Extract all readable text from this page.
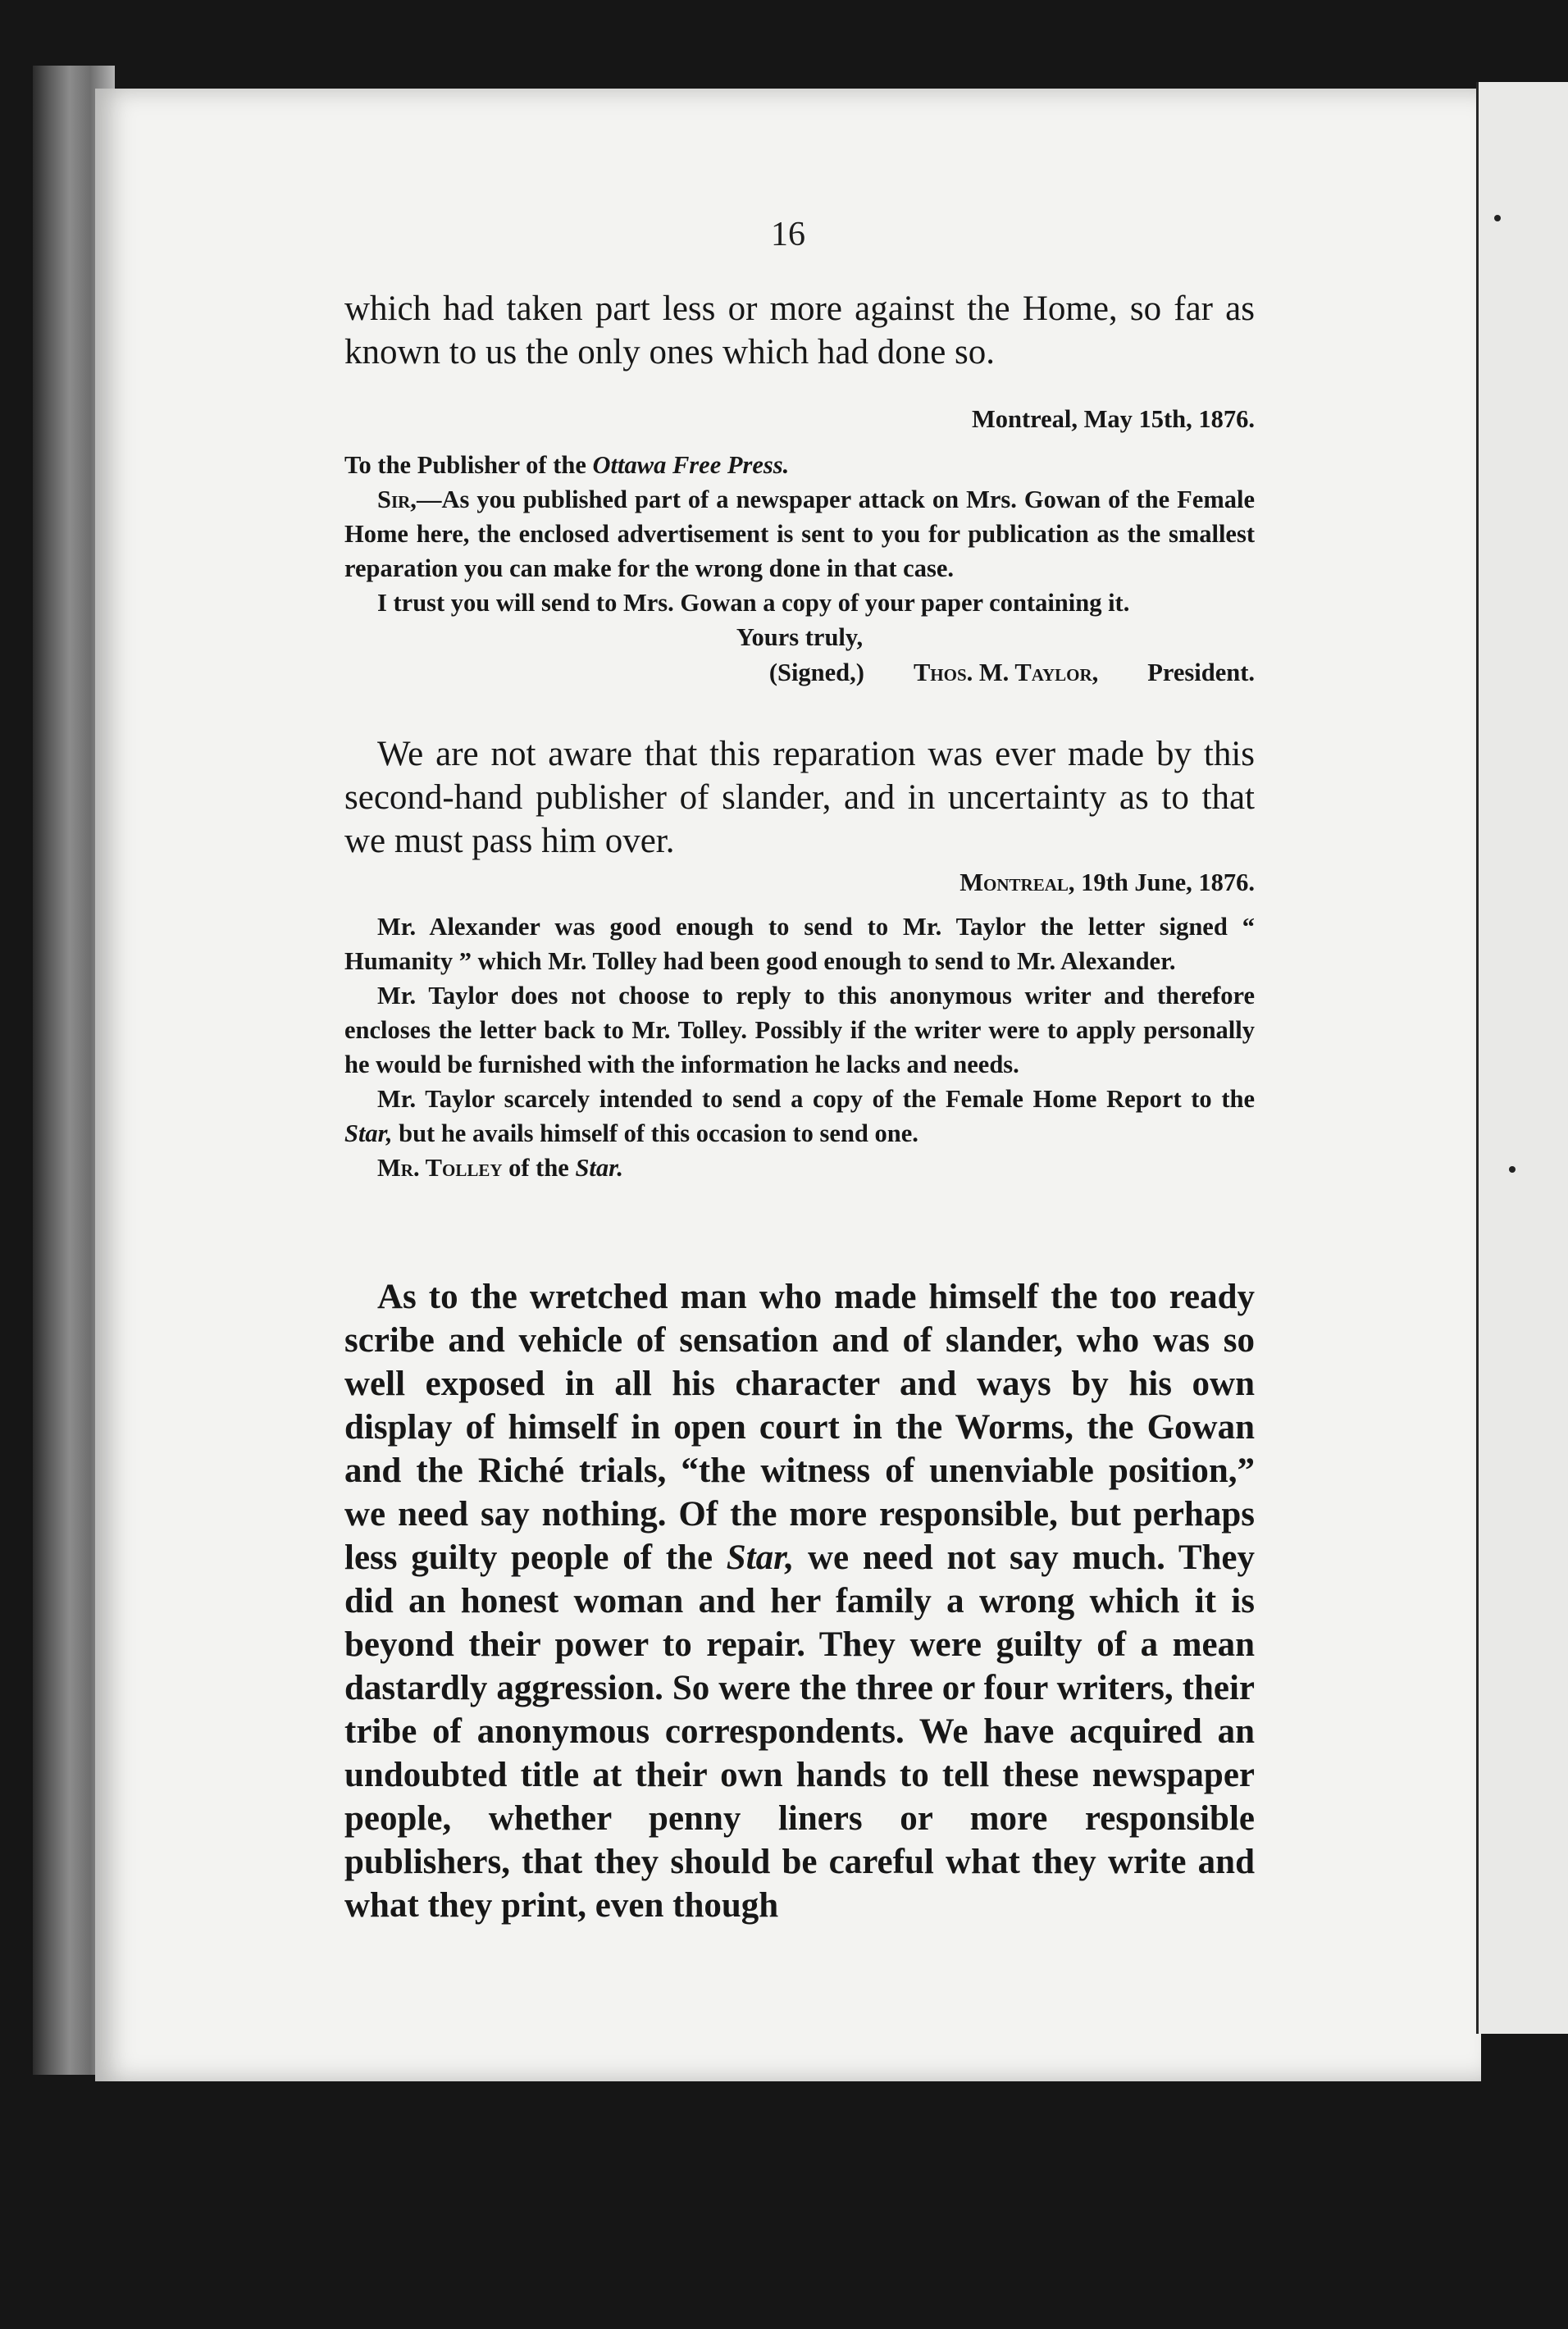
16

which had taken part less or more against the Home, so far as known to us the only ones which had done so.

Montreal, May 15th, 1876.

To the Publisher of the Ottawa Free Press.

Sir,—As you published part of a newspaper attack on Mrs. Gowan of the Female Home here, the enclosed advertisement is sent to you for publication as the smallest reparation you can make for the wrong done in that case.

I trust you will send to Mrs. Gowan a copy of your paper containing it.

Yours truly,

(Signed,) Thos. M. Taylor, President.

We are not aware that this reparation was ever made by this second-hand publisher of slander, and in uncertainty as to that we must pass him over.

Montreal, 19th June, 1876.

Mr. Alexander was good enough to send to Mr. Taylor the letter signed “ Humanity ” which Mr. Tolley had been good enough to send to Mr. Alexander.

Mr. Taylor does not choose to reply to this anonymous writer and therefore encloses the letter back to Mr. Tolley. Possibly if the writer were to apply personally he would be furnished with the information he lacks and needs.

Mr. Taylor scarcely intended to send a copy of the Female Home Report to the Star, but he avails himself of this occasion to send one.

Mr. Tolley of the Star.

As to the wretched man who made himself the too ready scribe and vehicle of sensation and of slander, who was so well exposed in all his character and ways by his own display of himself in open court in the Worms, the Gowan and the Riché trials, “the witness of unenviable position,” we need say nothing. Of the more responsible, but perhaps less guilty people of the Star, we need not say much. They did an honest woman and her family a wrong which it is beyond their power to repair. They were guilty of a mean dastardly aggression. So were the three or four writers, their tribe of anonymous correspondents. We have acquired an undoubted title at their own hands to tell these newspaper people, whether penny liners or more responsible publishers, that they should be careful what they write and what they print, even though
